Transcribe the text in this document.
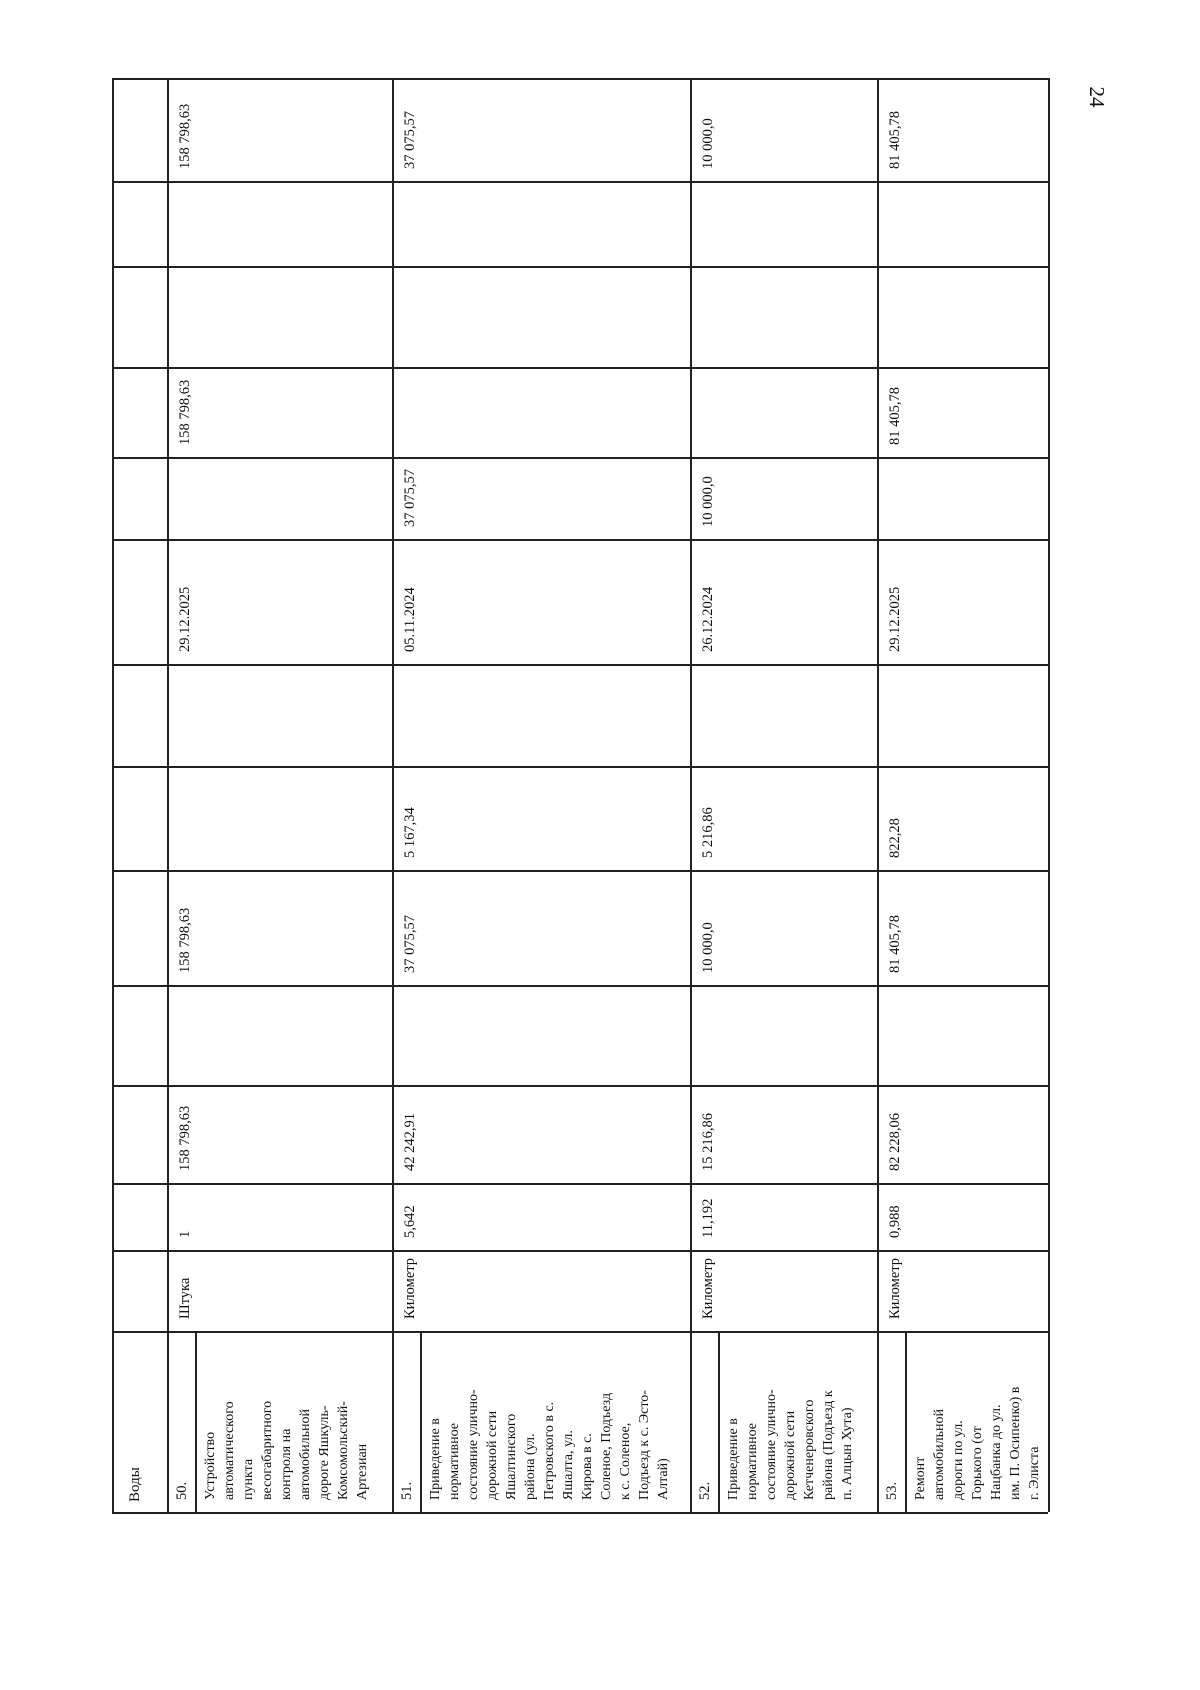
24
Воды
158 798,63
158 798,63
29.12.2025
158 798,63
158 798,63
1
Штука
Устройство
автоматического
пункта
весогабаритного
контроля на
автомобильной
дороге Яшкуль-
Комсомольский-
Артезиан
50.
37 075,57
37 075,57
05.11.2024
5 167,34
37 075,57
42 242,91
5,642
Километр
Приведение в
нормативное
состояние улично-
дорожной сети
Яшалтинского
района (ул.
Петровского в с.
Яшалта, ул.
Кирова в с.
Соленое, Подъезд
к с. Соленое,
Подъезд к с. Эсто-
Алтай)
51.
10 000,0
10 000,0
26.12.2024
5 216,86
10 000,0
15 216,86
11,192
Километр
Приведение в
нормативное
состояние улично-
дорожной сети
Кетченеровского
района (Подъезд к
п. Алцын Хута)
52.
81 405,78
81 405,78
29.12.2025
822,28
81 405,78
82 228,06
0,988
Километр
Ремонт
автомобильной
дороги по ул.
Горького (от
Нацбанка до ул.
им. П. Осипенко) в
г. Элиста
53.
